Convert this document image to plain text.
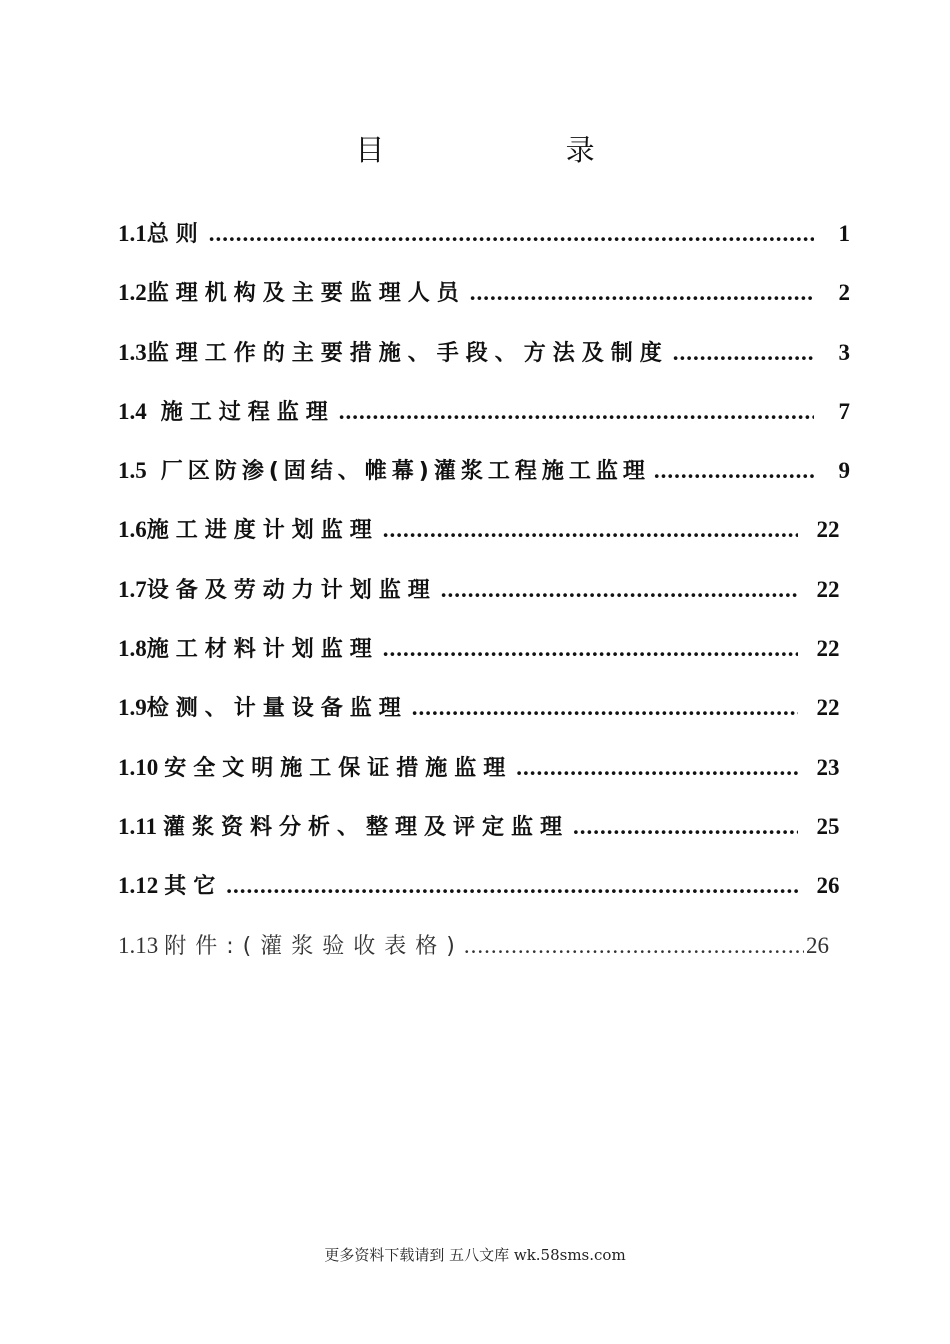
目 录
1.1 总则 .....	1
1.2 监理机构及主要监理人员 .....	2
1.3 监理工作的主要措施、手段、方法及制度 .....	3
1.4 施工过程监理 .....	7
1.5 厂区防渗(固结、帷幕)灌浆工程施工监理 .....	9
1.6 施工进度计划监理 .....	22
1.7 设备及劳动力计划监理 .....	22
1.8 施工材料计划监理 .....	22
1.9 检测、计量设备监理 .....	22
1.10 安全文明施工保证措施监理 .....	23
1.11 灌浆资料分析、整理及评定监理 .....	25
1.12 其它 .....	26
1.13 附件:(灌浆验收表格) .....	26
更多资料下载请到 五八文库 wk.58sms.com
